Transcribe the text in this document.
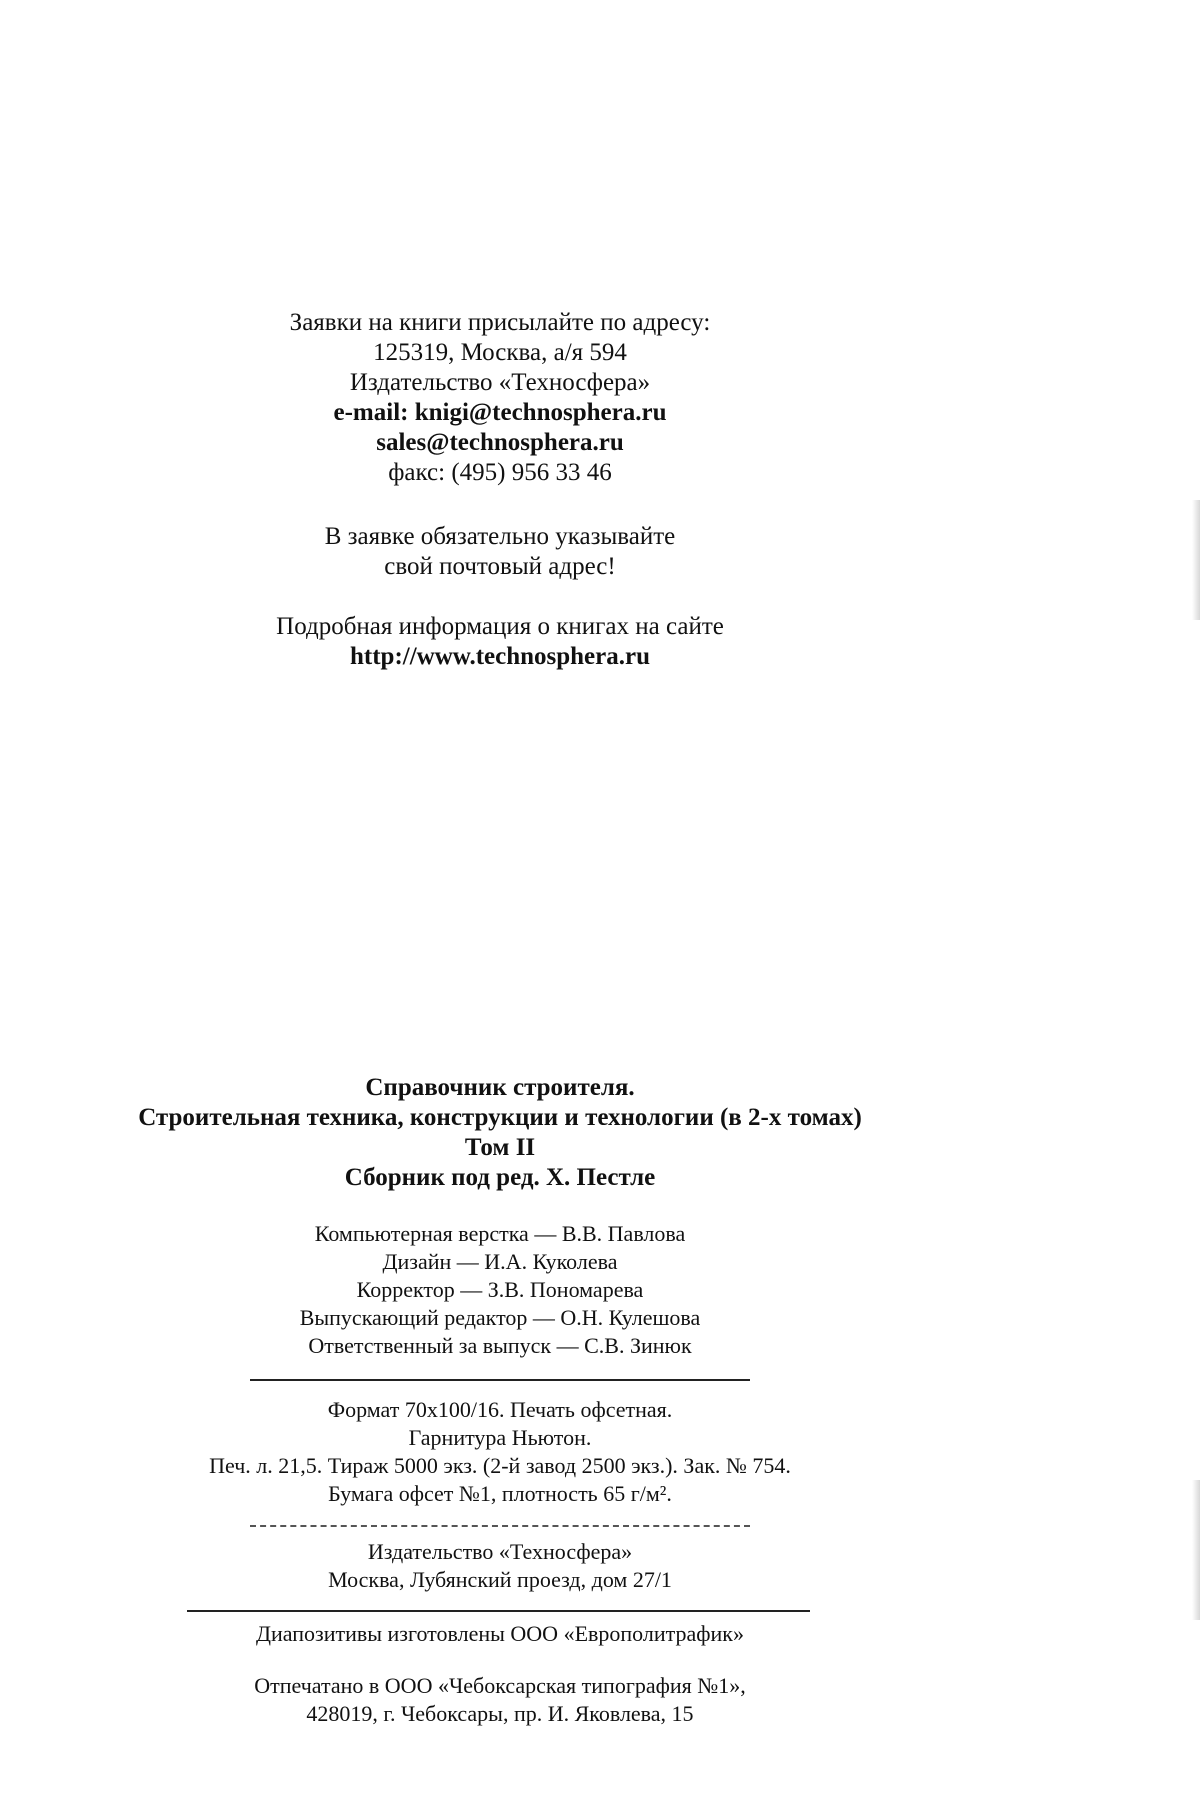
Заявки на книги присылайте по адресу:
125319, Москва, а/я 594
Издательство «Техносфера»
e-mail: knigi@technosphera.ru
sales@technosphera.ru
факс: (495) 956 33 46
В заявке обязательно указывайте
свой почтовый адрес!
Подробная информация о книгах на сайте
http://www.technosphera.ru
Справочник строителя.
Строительная техника, конструкции и технологии (в 2-х томах)
Том II
Сборник под ред. X. Пестле
Компьютерная верстка — В.В. Павлова
Дизайн — И.А. Куколева
Корректор — З.В. Пономарева
Выпускающий редактор — О.Н. Кулешова
Ответственный за выпуск — С.В. Зинюк
Формат 70x100/16. Печать офсетная.
Гарнитура Ньютон.
Печ. л. 21,5. Тираж 5000 экз. (2-й завод 2500 экз.). Зак. № 754.
Бумага офсет №1, плотность 65 г/м².
Издательство «Техносфера»
Москва, Лубянский проезд, дом 27/1
Диапозитивы изготовлены ООО «Европолитрафик»
Отпечатано в ООО «Чебоксарская типография №1»,
428019, г. Чебоксары, пр. И. Яковлева, 15
